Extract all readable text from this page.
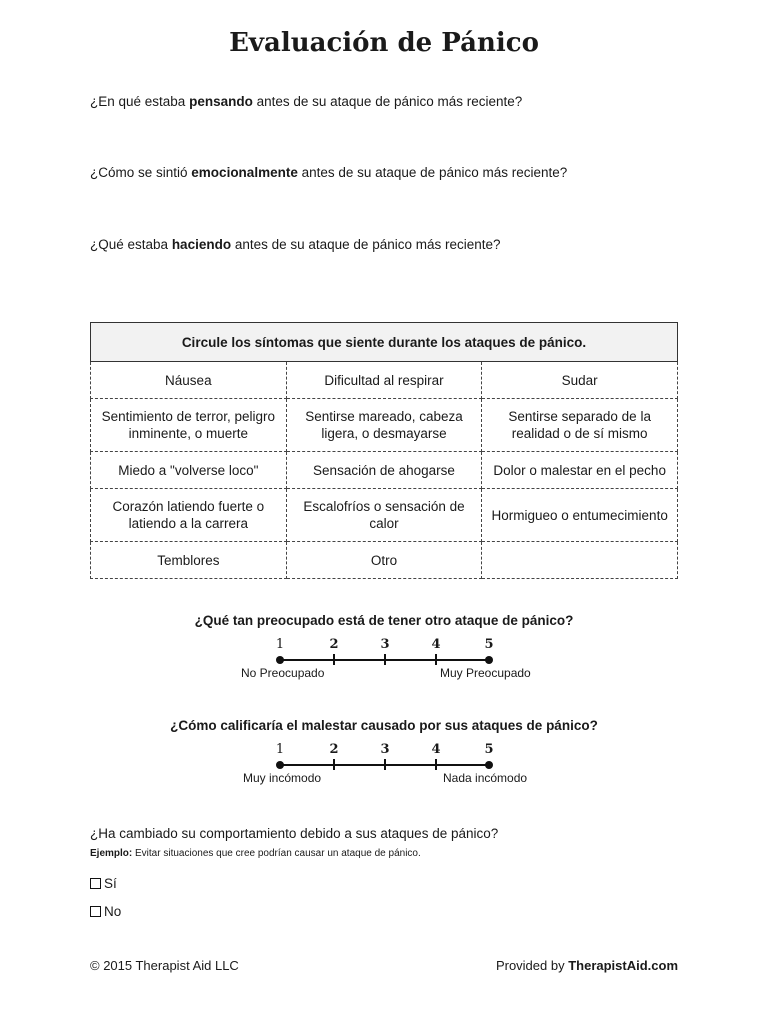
Evaluación de Pánico

¿En qué estaba pensando antes de su ataque de pánico más reciente?

¿Cómo se sintió emocionalmente antes de su ataque de pánico más reciente?

¿Qué estaba haciendo antes de su ataque de pánico más reciente?

Circule los síntomas que siente durante los ataques de pánico.		
Náusea	Dificultad al respirar	Sudar
Sentimiento de terror, peligro inminente, o muerte	Sentirse mareado, cabeza ligera, o desmayarse	Sentirse separado de la realidad o de sí mismo
Miedo a "volverse loco"	Sensación de ahogarse	Dolor o malestar en el pecho
Corazón latiendo fuerte o latiendo a la carrera	Escalofríos o sensación de calor	Hormigueo o entumecimiento
Temblores	Otro	

¿Qué tan preocupado está de tener otro ataque de pánico?

1	2	3	4	5
No Preocupado	Muy Preocupado

¿Cómo calificaría el malestar causado por sus ataques de pánico?

1	2	3	4	5
Muy incómodo	Nada incómodo

¿Ha cambiado su comportamiento debido a sus ataques de pánico?

Ejemplo: Evitar situaciones que cree podrían causar un ataque de pánico.

Sí
No

© 2015 Therapist Aid LLC	Provided by TherapistAid.com
